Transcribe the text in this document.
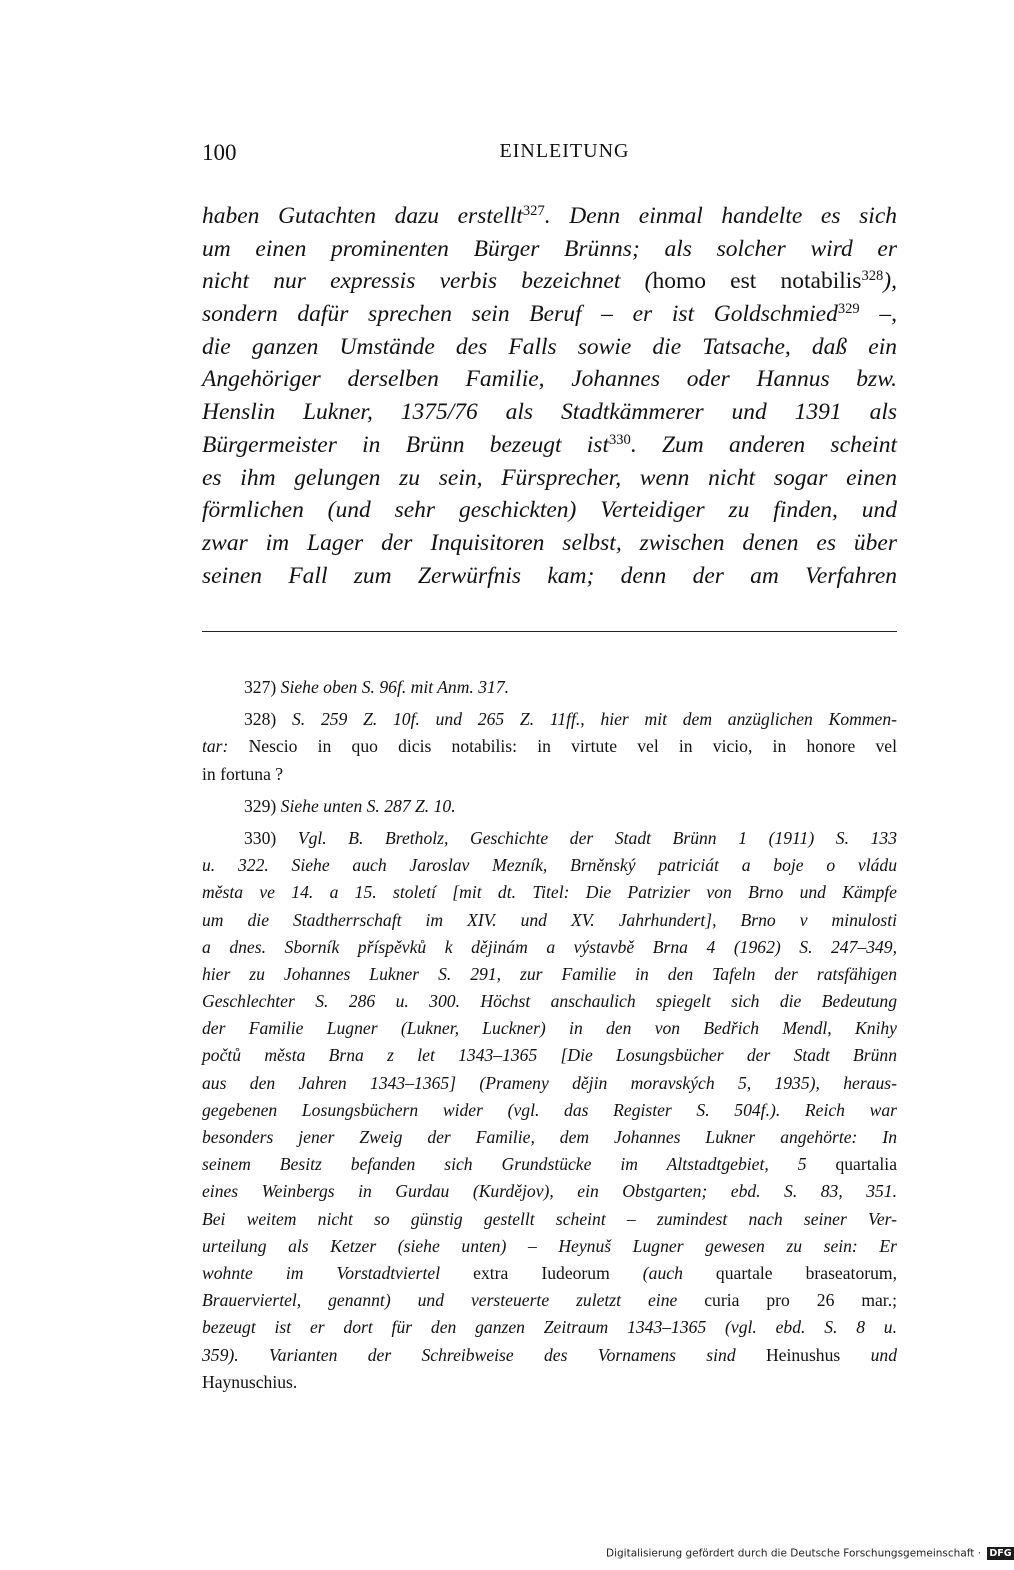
100	EINLEITUNG
haben Gutachten dazu erstellt$^{327}$. Denn einmal handelte es sich
um einen prominenten Bürger Brünns; als solcher wird er
nicht nur expressis verbis bezeichnet (homo est notabilis$^{328}$),
sondern dafür sprechen sein Beruf – er ist Goldschmied$^{329}$ –,
die ganzen Umstände des Falls sowie die Tatsache, daß ein
Angehöriger derselben Familie, Johannes oder Hannus bzw.
Henslin Lukner, 1375/76 als Stadtkämmerer und 1391 als
Bürgermeister in Brünn bezeugt ist$^{330}$. Zum anderen scheint
es ihm gelungen zu sein, Fürsprecher, wenn nicht sogar einen
förmlichen (und sehr geschickten) Verteidiger zu finden, und
zwar im Lager der Inquisitoren selbst, zwischen denen es über
seinen Fall zum Zerwürfnis kam; denn der am Verfahren
327) Siehe oben S. 96f. mit Anm. 317.
328) S. 259 Z. 10f. und 265 Z. 11ff., hier mit dem anzüglichen Kommen-
tar: Nescio in quo dicis notabilis: in virtute vel in vicio, in honore vel
in fortuna ?
329) Siehe unten S. 287 Z. 10.
330) Vgl. B. Bretholz, Geschichte der Stadt Brünn 1 (1911) S. 133
u. 322. Siehe auch Jaroslav Mezník, Brněnský patriciát a boje o vládu
města ve 14. a 15. století [mit dt. Titel: Die Patrizier von Brno und Kämpfe
um die Stadtherrschaft im XIV. und XV. Jahrhundert], Brno v minulosti
a dnes. Sborník příspěvků k dějinám a výstavbě Brna 4 (1962) S. 247–349,
hier zu Johannes Lukner S. 291, zur Familie in den Tafeln der ratsfähigen
Geschlechter S. 286 u. 300. Höchst anschaulich spiegelt sich die Bedeutung
der Familie Lugner (Lukner, Luckner) in den von Bedřich Mendl, Knihy
počtů města Brna z let 1343–1365 [Die Losungsbücher der Stadt Brünn
aus den Jahren 1343–1365] (Prameny dějin moravských 5, 1935), heraus-
gegebenen Losungsbüchern wider (vgl. das Register S. 504f.). Reich war
besonders jener Zweig der Familie, dem Johannes Lukner angehörte: In
seinem Besitz befanden sich Grundstücke im Altstadtgebiet, 5 quartalia
eines Weinbergs in Gurdau (Kurdějov), ein Obstgarten; ebd. S. 83, 351.
Bei weitem nicht so günstig gestellt scheint – zumindest nach seiner Ver-
urteilung als Ketzer (siehe unten) – Heynuš Lugner gewesen zu sein: Er
wohnte im Vorstadtviertel extra Iudeorum (auch quartale braseatorum,
Brauerviertel, genannt) und versteuerte zuletzt eine curia pro 26 mar.;
bezeugt ist er dort für den ganzen Zeitraum 1343–1365 (vgl. ebd. S. 8 u.
359). Varianten der Schreibweise des Vornamens sind Heinushus und
Haynuschius.
Digitalisierung gefördert durch die Deutsche Forschungsgemeinschaft · DFG
